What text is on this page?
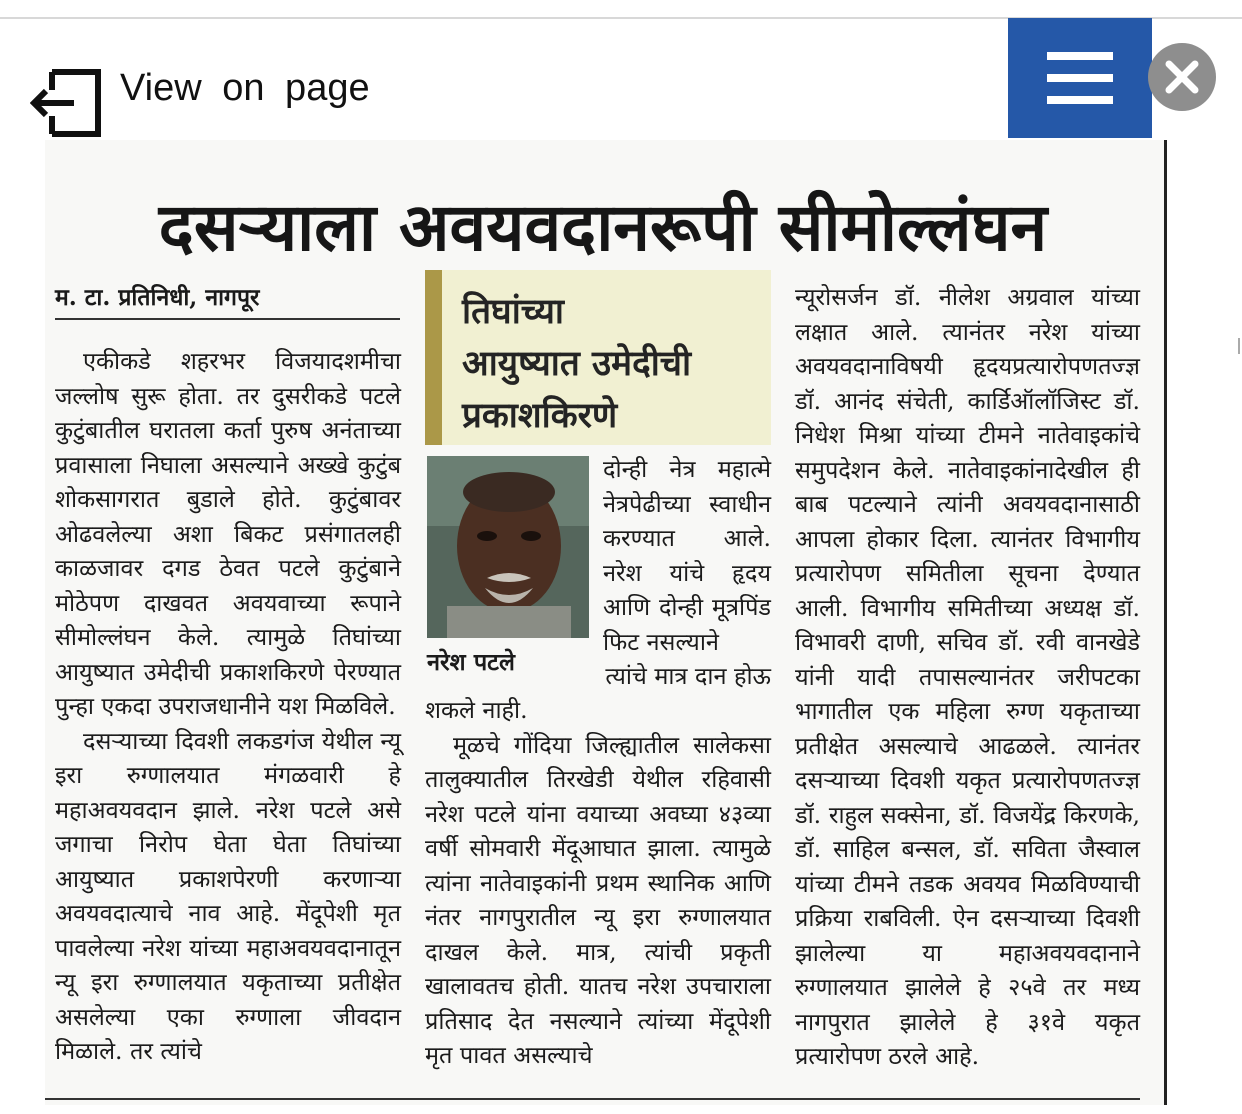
View on page
दसऱ्याला अवयवदानरूपी सीमोल्लंघन
म. टा. प्रतिनिधी, नागपूर

एकीकडे शहरभर विजयादशमीचा जल्लोष सुरू होता. तर दुसरीकडे पटले कुटुंबातील घरातला कर्ता पुरुष अनंताच्या प्रवासाला निघाला असल्याने अख्खे कुटुंब शोकसागरात बुडाले होते. कुटुंबावर ओढवलेल्या अशा बिकट प्रसंगातलही काळजावर दगड ठेवत पटले कुटुंबाने मोठेपण दाखवत अवयवाच्या रूपाने सीमोल्लंघन केले. त्यामुळे तिघांच्या आयुष्यात उमेदीची प्रकाशकिरणे पेरण्यात पुन्हा एकदा उपराजधानीने यश मिळविले.

दसऱ्याच्या दिवशी लकडगंज येथील न्यू इरा रुग्णालयात मंगळवारी हे महाअवयवदान झाले. नरेश पटले असे जगाचा निरोप घेता घेता तिघांच्या आयुष्यात प्रकाशपेरणी करणाऱ्या अवयवदात्याचे नाव आहे. मेंदूपेशी मृत पावलेल्या नरेश यांच्या महाअवयवदानातून न्यू इरा रुग्णालयात यकृताच्या प्रतीक्षेत असलेल्या एका रुग्णाला जीवदान मिळाले. तर त्यांचे

तिघांच्या
आयुष्यात उमेदीची
प्रकाशकिरणे
नरेश पटले
दोन्ही नेत्र महात्मे नेत्रपेढीच्या स्वाधीन करण्यात आले. नरेश यांचे हृदय आणि दोन्ही मूत्रपिंड फिट नसल्याने
त्यांचे मात्र दान होऊ

शकले नाही.

मूळचे गोंदिया जिल्ह्यातील सालेकसा तालुक्यातील तिरखेडी येथील रहिवासी नरेश पटले यांना वयाच्या अवघ्या ४३व्या वर्षी सोमवारी मेंदूआघात झाला. त्यामुळे त्यांना नातेवाइकांनी प्रथम स्थानिक आणि नंतर नागपुरातील न्यू इरा रुग्णालयात दाखल केले. मात्र, त्यांची प्रकृती खालावतच होती. यातच नरेश उपचाराला प्रतिसाद देत नसल्याने त्यांच्या मेंदूपेशी मृत पावत असल्याचे

न्यूरोसर्जन डॉ. नीलेश अग्रवाल यांच्या लक्षात आले. त्यानंतर नरेश यांच्या अवयवदानाविषयी हृदयप्रत्यारोपणतज्ज्ञ डॉ. आनंद संचेती, कार्डिऑलॉजिस्ट डॉ. निधेश मिश्रा यांच्या टीमने नातेवाइकांचे समुपदेशन केले. नातेवाइकांनादेखील ही बाब पटल्याने त्यांनी अवयवदानासाठी आपला होकार दिला. त्यानंतर विभागीय प्रत्यारोपण समितीला सूचना देण्यात आली. विभागीय समितीच्या अध्यक्ष डॉ. विभावरी दाणी, सचिव डॉ. रवी वानखेडे यांनी यादी तपासल्यानंतर जरीपटका भागातील एक महिला रुग्ण यकृताच्या प्रतीक्षेत असल्याचे आढळले. त्यानंतर दसऱ्याच्या दिवशी यकृत प्रत्यारोपणतज्ज्ञ डॉ. राहुल सक्सेना, डॉ. विजयेंद्र किरणके, डॉ. साहिल बन्सल, डॉ. सविता जैस्वाल यांच्या टीमने तडक अवयव मिळविण्याची प्रक्रिया राबविली. ऐन दसऱ्याच्या दिवशी झालेल्या या महाअवयवदानाने रुग्णालयात झालेले हे २५वे तर मध्य नागपुरात झालेले हे ३१वे यकृत प्रत्यारोपण ठरले आहे.
